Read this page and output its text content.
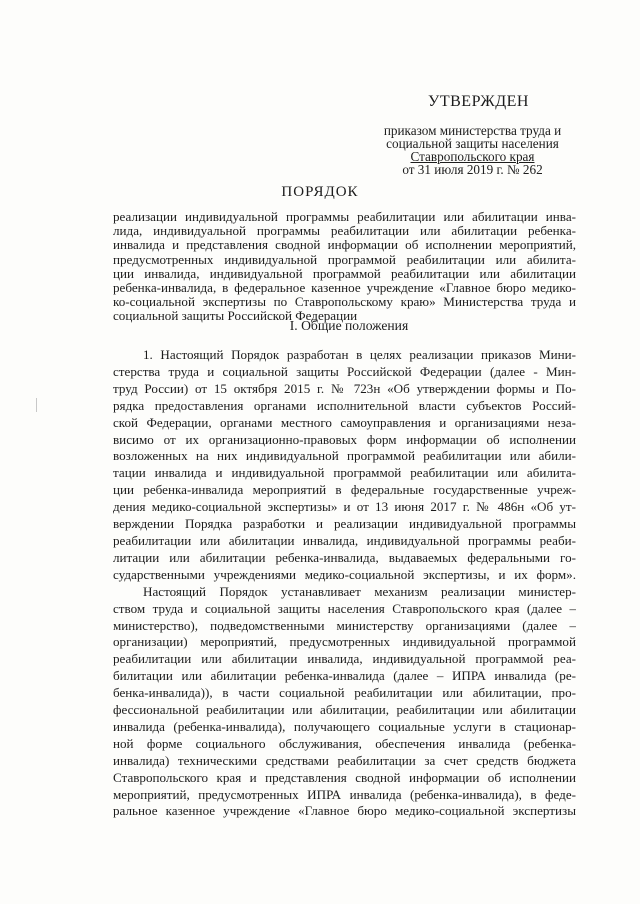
УТВЕРЖДЕН

приказом министерства труда и

социальной защиты населения

Ставропольского края

от 31 июля 2019 г. № 262

ПОРЯДОК
реализации индивидуальной программы реабилитации или абилитации инва-
лида, индивидуальной программы реабилитации или абилитации ребенка-
инвалида и представления сводной информации об исполнении мероприятий,
предусмотренных индивидуальной программой реабилитации или абилита-
ции инвалида, индивидуальной программой реабилитации или абилитации
ребенка-инвалида, в федеральное казенное учреждение «Главное бюро медико-
ко-социальной экспертизы по Ставропольскому краю» Министерства труда и
социальной защиты Российской Федерации
I. Общие положения
1. Настоящий Порядок разработан в целях реализации приказов Мини-
стерства труда и социальной защиты Российской Федерации (далее - Мин-
труд России) от 15 октября 2015 г. № 723н «Об утверждении формы и По-
рядка предоставления органами исполнительной власти субъектов Россий-
ской Федерации, органами местного самоуправления и организациями неза-
висимо от их организационно-правовых форм информации об исполнении
возложенных на них индивидуальной программой реабилитации или абили-
тации инвалида и индивидуальной программой реабилитации или абилита-
ции ребенка-инвалида мероприятий в федеральные государственные учреж-
дения медико-социальной экспертизы» и от 13 июня 2017 г. № 486н «Об ут-
верждении Порядка разработки и реализации индивидуальной программы
реабилитации или абилитации инвалида, индивидуальной программы реаби-
литации или абилитации ребенка-инвалида, выдаваемых федеральными го-
сударственными учреждениями медико-социальной экспертизы, и их форм».
Настоящий Порядок устанавливает механизм реализации министер-
ством труда и социальной защиты населения Ставропольского края (далее –
министерство), подведомственными министерству организациями (далее –
организации) мероприятий, предусмотренных индивидуальной программой
реабилитации или абилитации инвалида, индивидуальной программой реа-
билитации или абилитации ребенка-инвалида (далее – ИПРА инвалида (ре-
бенка-инвалида)), в части социальной реабилитации или абилитации, про-
фессиональной реабилитации или абилитации, реабилитации или абилитации
инвалида (ребенка-инвалида), получающего социальные услуги в стационар-
ной форме социального обслуживания, обеспечения инвалида (ребенка-
инвалида) техническими средствами реабилитации за счет средств бюджета
Ставропольского края и представления сводной информации об исполнении
мероприятий, предусмотренных ИПРА инвалида (ребенка-инвалида), в феде-
ральное казенное учреждение «Главное бюро медико-социальной экспертизы
